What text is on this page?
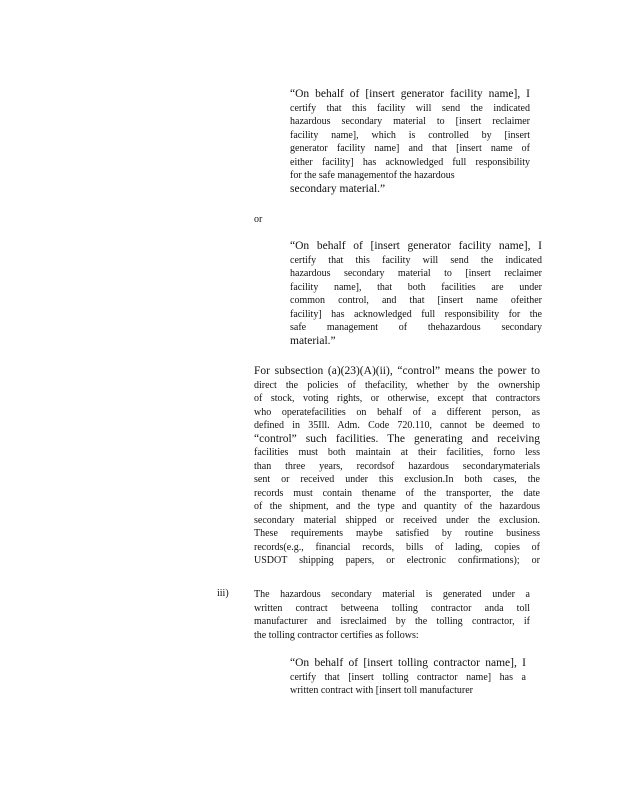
“On behalf of [insert generator facility name], I
certify that this facility will send the indicated
hazardous secondary material to [insert reclaimer
facility name], which is controlled by [insert
generator facility name] and that [insert name of
either facility] has acknowledged full responsibility
for the safe managementof the hazardous
secondary material.”
or
“On behalf of [insert generator facility name], I
certify that this facility will send the indicated
hazardous secondary material to [insert reclaimer
facility name], that both facilities are under
common control, and that [insert name ofeither
facility] has acknowledged full responsibility for the
safe management of thehazardous secondary
material.”
For subsection (a)(23)(A)(ii), “control” means the power to
direct the policies of thefacility, whether by the ownership
of stock, voting rights, or otherwise, except that contractors
who operatefacilities on behalf of a different person, as
defined in 35Ill. Adm. Code 720.110, cannot be deemed to
“control” such facilities. The generating and receiving
facilities must both maintain at their facilities, forno less
than three years, recordsof hazardous secondarymaterials
sent or received under this exclusion.In both cases, the
records must contain thename of the transporter, the date
of the shipment, and the type and quantity of the hazardous
secondary material shipped or received under the exclusion.
These requirements maybe satisfied by routine business
records(e.g., financial records, bills of lading, copies of
USDOT shipping papers, or electronic confirmations); or
iii)	The hazardous secondary material is generated under a
written contract betweena tolling contractor anda toll
manufacturer and isreclaimed by the tolling contractor, if
the tolling contractor certifies as follows:
“On behalf of [insert tolling contractor name], I
certify that [insert tolling contractor name] has a
written contract with [insert toll manufacturer
